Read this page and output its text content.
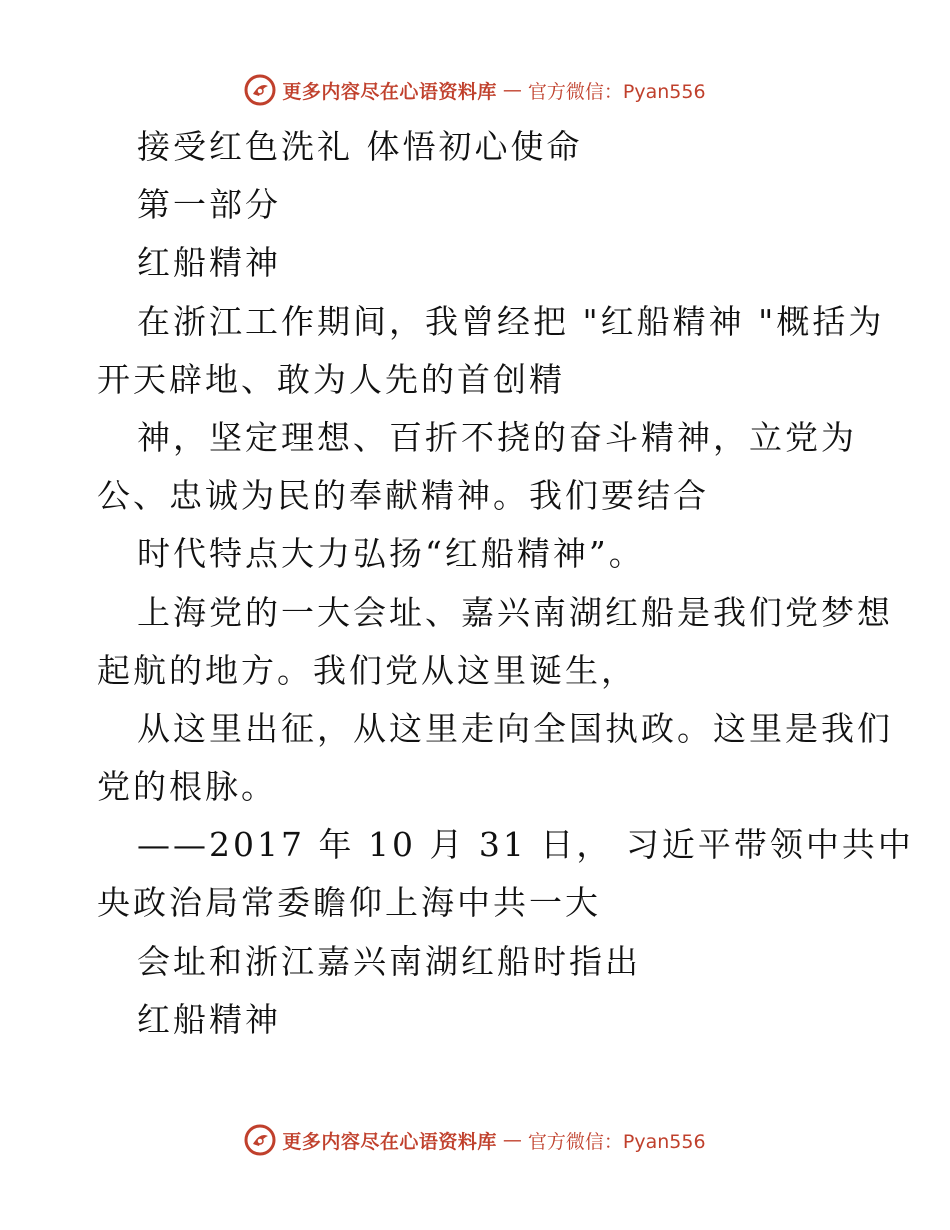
更多内容尽在心语资料库 — 官方微信：Pyan556
接受红色洗礼 体悟初心使命
第一部分
红船精神
在浙江工作期间，我曾经把 "红船精神 "概括为
开天辟地、敢为人先的首创精
神，坚定理想、百折不挠的奋斗精神，立党为
公、忠诚为民的奉献精神。我们要结合
时代特点大力弘扬“红船精神”。
上海党的一大会址、嘉兴南湖红船是我们党梦想
起航的地方。我们党从这里诞生，
从这里出征，从这里走向全国执政。这里是我们
党的根脉。
——2017 年 10 月 31 日， 习近平带领中共中
央政治局常委瞻仰上海中共一大
会址和浙江嘉兴南湖红船时指出
红船精神
更多内容尽在心语资料库 — 官方微信：Pyan556
